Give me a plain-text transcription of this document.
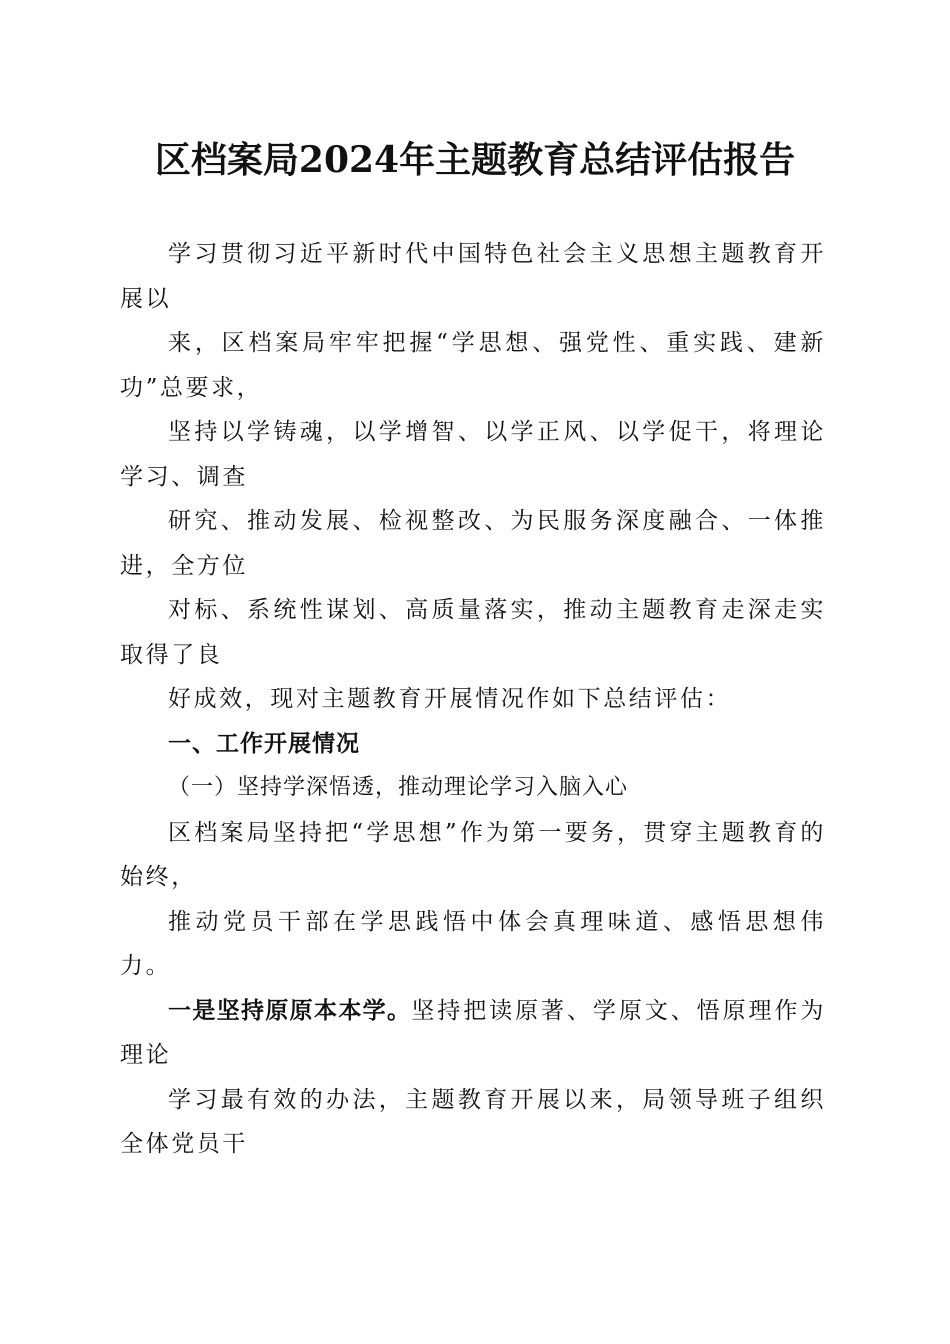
区档案局2024年主题教育总结评估报告

学习贯彻习近平新时代中国特色社会主义思想主题教育开展以

来，区档案局牢牢把握“学思想、强党性、重实践、建新功”总要求，

坚持以学铸魂，以学增智、以学正风、以学促干，将理论学习、调查

研究、推动发展、检视整改、为民服务深度融合、一体推进，全方位

对标、系统性谋划、高质量落实，推动主题教育走深走实取得了良

好成效，现对主题教育开展情况作如下总结评估：

一、工作开展情况

（一）坚持学深悟透，推动理论学习入脑入心

区档案局坚持把“学思想”作为第一要务，贯穿主题教育的始终，

推动党员干部在学思践悟中体会真理味道、感悟思想伟力。

一是坚持原原本本学。坚持把读原著、学原文、悟原理作为理论

学习最有效的办法，主题教育开展以来，局领导班子组织全体党员干
